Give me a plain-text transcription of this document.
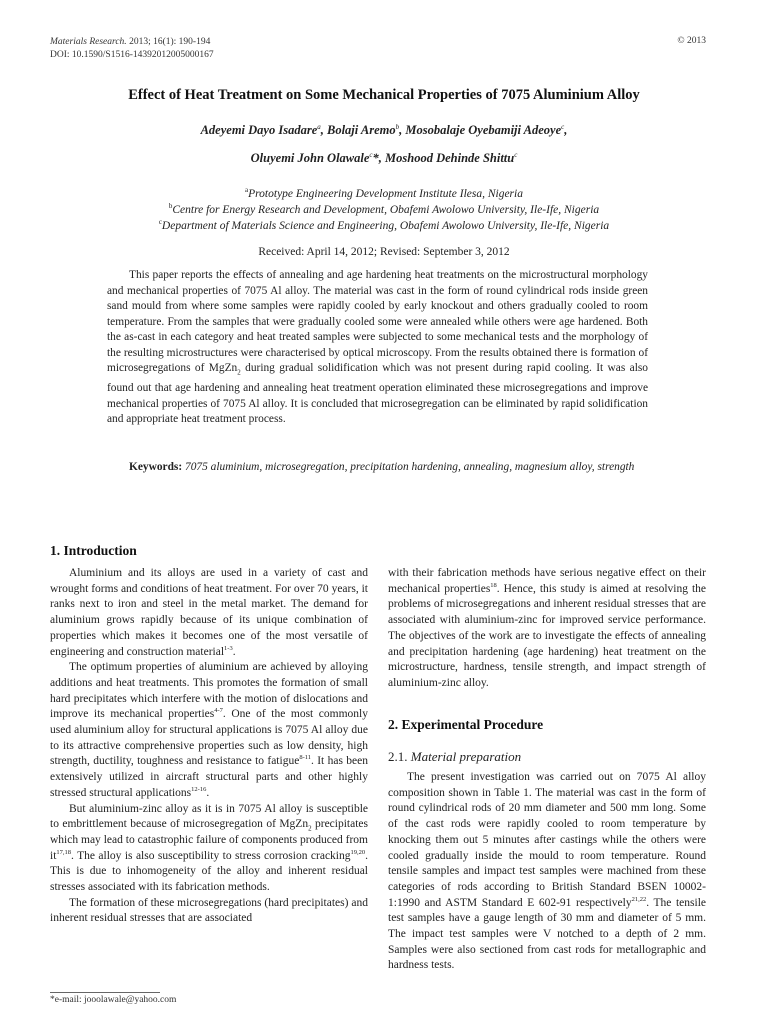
Materials Research. 2013; 16(1): 190-194
DOI: 10.1590/S1516-14392012005000167
© 2013
Effect of Heat Treatment on Some Mechanical Properties of 7075 Aluminium Alloy
Adeyemi Dayo Isadare$^a$, Bolaji Aremo$^b$, Mosobalaje Oyebamiji Adeoye$^c$,
Oluyemi John Olawale$^c$*, Moshood Dehinde Shittu$^c$
$^a$Prototype Engineering Development Institute Ilesa, Nigeria
$^b$Centre for Energy Research and Development, Obafemi Awolowo University, Ile-Ife, Nigeria
$^c$Department of Materials Science and Engineering, Obafemi Awolowo University, Ile-Ife, Nigeria
Received: April 14, 2012; Revised: September 3, 2012
This paper reports the effects of annealing and age hardening heat treatments on the microstructural morphology and mechanical properties of 7075 Al alloy. The material was cast in the form of round cylindrical rods inside green sand mould from where some samples were rapidly cooled by early knockout and others gradually cooled to room temperature. From the samples that were gradually cooled some were annealed while others were age hardened. Both the as-cast in each category and heat treated samples were subjected to some mechanical tests and the morphology of the resulting microstructures were characterised by optical microscopy. From the results obtained there is formation of microsegregations of MgZn$_2$ during gradual solidification which was not present during rapid cooling. It was also found out that age hardening and annealing heat treatment operation eliminated these microsegregations and improve mechanical properties of 7075 Al alloy. It is concluded that microsegregation can be eliminated by rapid solidification and appropriate heat treatment process.
Keywords: 7075 aluminium, microsegregation, precipitation hardening, annealing, magnesium alloy, strength
1. Introduction

Aluminium and its alloys are used in a variety of cast and wrought forms and conditions of heat treatment. For over 70 years, it ranks next to iron and steel in the metal market. The demand for aluminium grows rapidly because of its unique combination of properties which makes it becomes one of the most versatile of engineering and construction material$^{1-3}$.

The optimum properties of aluminium are achieved by alloying additions and heat treatments. This promotes the formation of small hard precipitates which interfere with the motion of dislocations and improve its mechanical properties$^{4-7}$. One of the most commonly used aluminium alloy for structural applications is 7075 Al alloy due to its attractive comprehensive properties such as low density, high strength, ductility, toughness and resistance to fatigue$^{8-11}$. It has been extensively utilized in aircraft structural parts and other highly stressed structural applications$^{12-16}$.

But aluminium-zinc alloy as it is in 7075 Al alloy is susceptible to embrittlement because of microsegregation of MgZn$_2$ precipitates which may lead to catastrophic failure of components produced from it$^{17,18}$. The alloy is also susceptibility to stress corrosion cracking$^{19,20}$. This is due to inhomogeneity of the alloy and inherent residual stresses associated with its fabrication methods.

The formation of these microsegregations (hard precipitates) and inherent residual stresses that are associated

with their fabrication methods have serious negative effect on their mechanical properties$^{18}$. Hence, this study is aimed at resolving the problems of microsegregations and inherent residual stresses that are associated with aluminium-zinc for improved service performance. The objectives of the work are to investigate the effects of annealing and precipitation hardening (age hardening) heat treatment on the microstructure, hardness, tensile strength, and impact strength of aluminium-zinc alloy.

2. Experimental Procedure
2.1. Material preparation

The present investigation was carried out on 7075 Al alloy composition shown in Table 1. The material was cast in the form of round cylindrical rods of 20 mm diameter and 500 mm long. Some of the cast rods were rapidly cooled to room temperature by knocking them out 5 minutes after castings while the others were cooled gradually inside the mould to room temperature. Round tensile samples and impact test samples were machined from these categories of rods according to British Standard BSEN 10002-1:1990 and ASTM Standard E 602-91 respectively$^{21,22}$. The tensile test samples have a gauge length of 30 mm and diameter of 5 mm. The impact test samples were V notched to a depth of 2 mm. Samples were also sectioned from cast rods for metallographic and hardness tests.

*e-mail: jooolawale@yahoo.com
